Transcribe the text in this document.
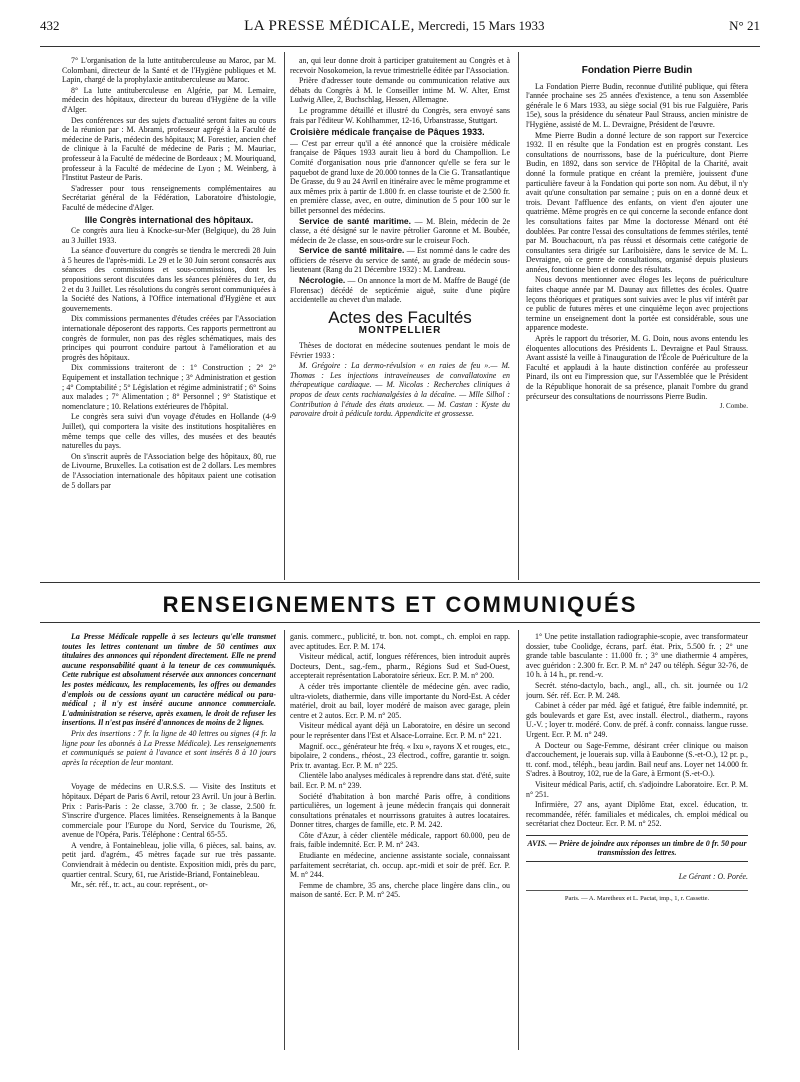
432	LA PRESSE MÉDICALE, Mercredi, 15 Mars 1933	N° 21

7° L'organisation de la lutte antituberculeuse au Maroc, par M. Colombani, directeur de la Santé et de l'Hygiène publiques et M. Lapin, chargé de la prophylaxie antituberculeuse au Maroc.

8° La lutte antituberculeuse en Algérie, par M. Lemaire, médecin des hôpitaux, directeur du bureau d'Hygiène de la ville d'Alger.

Des conférences sur des sujets d'actualité seront faites au cours de la réunion par : M. Abrami, professeur agrégé à la Faculté de médecine de Paris, médecin des hôpitaux; M. Forestier, ancien chef de clinique à la Faculté de médecine de Paris ; M. Mauriac, professeur à la Faculté de médecine de Bordeaux ; M. Mouriquand, professeur à la Faculté de médecine de Lyon ; M. Weinberg, à l'Institut Pasteur de Paris.

S'adresser pour tous renseignements complémentaires au Secrétariat général de la Fédération, Laboratoire d'histologie, Faculté de médecine d'Alger.

IIIe Congrès international des hôpitaux.

Ce congrès aura lieu à Knocke-sur-Mer (Belgique), du 28 Juin au 3 Juillet 1933.

La séance d'ouverture du congrès se tiendra le mercredi 28 Juin à 5 heures de l'après-midi. Le 29 et le 30 Juin seront consacrés aux séances des commissions et sous-commissions, dont les propositions seront discutées dans les séances plénières du 1er, du 2 et du 3 Juillet. Les résolutions du congrès seront communiquées à la Société des Nations, à l'Office international d'Hygiène et aux gouvernements.

Dix commissions permanentes d'études créées par l'Association internationale déposeront des rapports. Ces rapports permettront au congrès de formuler, non pas des règles schématiques, mais des principes qui pourront conduire partout à l'amélioration et au progrès des hôpitaux.

Dix commissions traiteront de : 1° Construction ; 2° 2° Equipement et installation technique ; 3° Administration et gestion ; 4° Comptabilité ; 5° Législation et régime administratif ; 6° Soins aux malades ; 7° Alimentation ; 8° Personnel ; 9° Statistique et nomenclature ; 10. Relations extérieures de l'hôpital.

Le congrès sera suivi d'un voyage d'études en Hollande (4-9 Juillet), qui comportera la visite des institutions hospitalières en même temps que celle des villes, des musées et des beautés naturelles du pays.

On s'inscrit auprès de l'Association belge des hôpitaux, 80, rue de Livourne, Bruxelles. La cotisation est de 2 dollars. Les membres de l'Association internationale des hôpitaux paient une cotisation de 5 dollars par

an, qui leur donne droit à participer gratuitement au Congrès et à recevoir Nosokomeion, la revue trimestrielle éditée par l'Association.

Prière d'adresser toute demande ou communication relative aux débats du Congrès à M. le Conseiller intime M. W. Alter, Ernst Ludwig Allee, 2, Buchschlag, Hessen, Allemagne.

Le programme détaillé et illustré du Congrès, sera envoyé sans frais par l'éditeur W. Kohlhammer, 12-16, Urbanstrasse, Stuttgart.

Croisière médicale française de Pâques 1933.

— C'est par erreur qu'il a été annoncé que la croisière médicale française de Pâques 1933 aurait lieu à bord du Champollion. Le Comité d'organisation nous prie d'annoncer qu'elle se fera sur le paquebot de grand luxe de 20.000 tonnes de la Cie G. Transatlantique De Grasse, du 9 au 24 Avril en itinéraire avec le même programme et aux mêmes prix à partir de 1.800 fr. en classe touriste et de 2.500 fr. en première classe, avec, en outre, diminution de 5 pour 100 sur le billet personnel des médecins.

Service de santé maritime. — M. Blein, médecin de 2e classe, a été désigné sur le navire pétrolier Garonne et M. Boubée, médecin de 2e classe, en sous-ordre sur le croiseur Foch.

Service de santé militaire. — Est nommé dans le cadre des officiers de réserve du service de santé, au grade de médecin sous-lieutenant (Rang du 21 Décembre 1932) : M. Landreau.

Nécrologie. — On annonce la mort de M. Maffre de Baugé (de Florensac) décédé de septicémie aiguë, suite d'une piqûre accidentelle au chevet d'un malade.

Actes des Facultés
MONTPELLIER

Thèses de doctorat en médecine soutenues pendant le mois de Février 1933 :

M. Grégoire : La dermo-révulsion « en raies de feu ».— M. Thomas : Les injections intraveineuses de convallatoxine en thérapeutique cardiaque. — M. Nicolas : Recherches cliniques à propos de deux cents rachianalgésies à la décaïne. — Mlle Silhol : Contribution à l'étude des états anxieux. — M. Castan : Kyste du parovaire droit à pédicule tordu. Appendicite et grossesse.

Fondation Pierre Budin

La Fondation Pierre Budin, reconnue d'utilité publique, qui fêtera l'année prochaine ses 25 années d'existence, a tenu son Assemblée générale le 6 Mars 1933, au siège social (91 bis rue Falguière, Paris 15e), sous la présidence du sénateur Paul Strauss, ancien ministre de l'Hygiène, assisté de M. L. Devraigne, Président de l'œuvre.

Mme Pierre Budin a donné lecture de son rapport sur l'exercice 1932. Il en résulte que la Fondation est en progrès constant. Les consultations de nourrissons, base de la puériculture, dont Pierre Budin, en 1892, dans son service de l'Hôpital de la Charité, avait donné la formule pratique en créant la première, jouissent d'une particulière faveur à la Fondation qui porte son nom. Au début, il n'y avait qu'une consultation par semaine ; puis on en a donné deux et trois. Devant l'affluence des enfants, on vient d'en ajouter une quatrième. Même progrès en ce qui concerne la seconde enfance dont les consultations faites par Mme la doctoresse Ménard ont été doublées. Par contre l'essai des consultations de femmes stériles, tenté par M. Bouchacourt, n'a pas réussi et désormais cette catégorie de consultantes sera dirigée sur Lariboisière, dans le service de M. L. Devraigne, où ce genre de consultations, organisé depuis plusieurs années, fonctionne bien et donne des résultats.

Nous devons mentionner avec éloges les leçons de puériculture faites chaque année par M. Daunay aux fillettes des écoles. Quatre leçons théoriques et pratiques sont suivies avec le plus vif intérêt par ce public de futures mères et une cinquième leçon avec projections termine un enseignement dont la portée est considérable, sous une apparence modeste.

Après le rapport du trésorier, M. G. Doin, nous avons entendu les éloquentes allocutions des Présidents L. Devraigne et Paul Strauss. Avant assisté la veille à l'inauguration de l'École de Puériculture de la Faculté et applaudi à la haute distinction conférée au professeur Pinard, ils ont eu l'impression que, sur l'Assemblée que le Président de la République honorait de sa présence, planait l'ombre du grand précurseur des consultations de nourrissons Pierre Budin.

J. Combe.
RENSEIGNEMENTS ET COMMUNIQUÉS

La Presse Médicale rappelle à ses lecteurs qu'elle transmet toutes les lettres contenant un timbre de 50 centimes aux titulaires des annonces qui répondent directement. Elle ne prend aucune responsabilité quant à la teneur de ces communiqués. Cette rubrique est absolument réservée aux annonces concernant les postes médicaux, les remplacements, les offres ou demandes d'emplois ou de cessions ayant un caractère médical ou para-médical ; il n'y est inséré aucune annonce commerciale. L'administration se réserve, après examen, le droit de refuser les insertions. Il n'est pas inséré d'annonces de moins de 2 lignes.

Prix des insertions : 7 fr. la ligne de 40 lettres ou signes (4 fr. la ligne pour les abonnés à La Presse Médicale). Les renseignements et communiqués se paient à l'avance et sont insérés 8 à 10 jours après la réception de leur montant.

Voyage de médecins en U.R.S.S. — Visite des Instituts et hôpitaux. Départ de Paris 6 Avril, retour 23 Avril. Un jour à Berlin. Prix : Paris-Paris : 2e classe, 3.700 fr. ; 3e classe, 2.500 fr. S'inscrire d'urgence. Places limitées. Renseignements à la Banque commerciale pour l'Europe du Nord, Service du Tourisme, 26, avenue de l'Opéra, Paris. Téléphone : Central 65-55.

A vendre, à Fontainebleau, jolie villa, 6 pièces, sal. bains, av. petit jard. d'agrém., 45 mètres façade sur rue très passante. Conviendrait à médecin ou dentiste. Exposition midi, près du parc, quartier central. Scury, 61, rue Aristide-Briand, Fontainebleau.

Mr., sér. réf., tr. act., au cour. représent., or-

ganis. commerc., publicité, tr. bon. not. compt., ch. emploi en rapp. avec aptitudes. Ecr. P. M. 174.

Visiteur médical, actif, longues références, bien introduit auprès Docteurs, Dent., sag.-fem., pharm., Régions Sud et Sud-Ouest, accepterait représentation Laboratoire sérieux. Ecr. P. M. n° 200.

A céder très importante clientèle de médecine gén. avec radio, ultra-violets, diathermie, dans ville importante du Nord-Est. A céder matériel, droit au bail, loyer modéré de maison avec garage, plein centre et 2 autos. Ecr. P. M. n° 205.

Visiteur médical ayant déjà un Laboratoire, en désire un second pour le représenter dans l'Est et Alsace-Lorraine. Ecr. P. M. n° 221.

Magnif. occ., générateur hte fréq. « Ixu », rayons X et rouges, etc., bipolaire, 2 condens., rhéost., 23 électrod., coffre, garantie tr. soign. Prix tr. avantag. Ecr. P. M. n° 225.

Clientèle labo analyses médicales à reprendre dans stat. d'été, suite bail. Ecr. P. M. n° 239.

Société d'habitation à bon marché Paris offre, à conditions particulières, un logement à jeune médecin français qui donnerait consultations prénatales et nourrissons gratuites à autres locataires. Donner titres, charges de famille, etc. P. M. 242.

Côte d'Azur, à céder clientèle médicale, rapport 60.000, peu de frais, faible indemnité. Ecr. P. M. n° 243.

Etudiante en médecine, ancienne assistante sociale, connaissant parfaitement secrétariat, ch. occup. apr.-midi et soir de préf. Ecr. P. M. n° 244.

Femme de chambre, 35 ans, cherche place lingère dans clin., ou maison de santé. Ecr. P. M. n° 245.

1° Une petite installation radiographie-scopie, avec transformateur dossier, tube Coolidge, écrans, parf. état. Prix, 5.500 fr. ; 2° une grande table basculante : 11.000 fr. ; 3° une diathermie 4 ampères, avec guéridon : 2.300 fr. Ecr. P. M. n° 247 ou téléph. Ségur 32-76, de 10 h. à 14 h., pr. rend.-v.

Secrét. sténo-dactylo, bach., angl., all., ch. sit. journée ou 1/2 journ. Sér. réf. Ecr. P. M. 248.

Cabinet à céder par méd. âgé et fatigué, être faible indemnité, pr. gds boulevards et gare Est, avec install. électrol., diatherm., rayons U.-V. ; loyer tr. modéré. Conv. de préf. à confr. connaiss. langue russe. Urgent. Ecr. P. M. n° 249.

A Docteur ou Sage-Femme, désirant créer clinique ou maison d'accouchement, je louerais sup. villa à Eaubonne (S.-et-O.), 12 pr. p., tt. conf. mod., téléph., beau jardin. Bail neuf ans. Loyer net 14.000 fr. S'adres. à Boutroy, 102, rue de la Gare, à Ermont (S.-et-O.).

Visiteur médical Paris, actif, ch. s'adjoindre Laboratoire. Ecr. P. M. n° 251.

Infirmière, 27 ans, ayant Diplôme Etat, excel. éducation, tr. recommandée, référ. familiales et médicales, ch. emploi médical ou secrétariat chez Docteur. Ecr. P. M. n° 252.

AVIS. — Prière de joindre aux réponses un timbre de 0 fr. 50 pour transmission des lettres.
Le Gérant : O. Porée.
Paris. — A. Maretheux et L. Pactat, imp., 1, r. Cassette.
